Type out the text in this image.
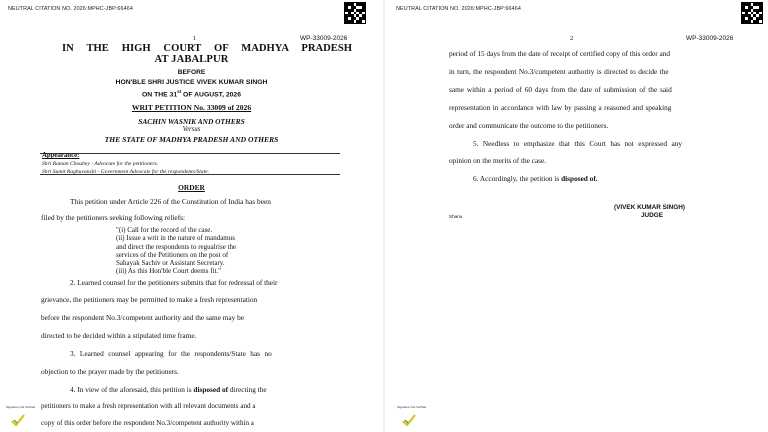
NEUTRAL CITATION NO. 2026:MPHC-JBP:66464
1	WP-33009-2026
IN THE HIGH COURT OF MADHYA PRADESH
AT JABALPUR
BEFORE
HON'BLE SHRI JUSTICE VIVEK KUMAR SINGH
ON THE 31st OF AUGUST, 2026
WRIT PETITION No. 33009 of 2026
SACHIN WASNIK AND OTHERS
Versus
THE STATE OF MADHYA PRADESH AND OTHERS
Appearance:
Shri Raman Choubey - Advocate for the petitioners.
Shri Sumit Raghuvanshi - Government Advocate for the respondents/State.
ORDER
This petition under Article 226 of the Constitution of India has been
filed by the petitioners seeking following reliefs:
"(i) Call for the record of the case.
(ii) Issue a writ in the nature of mandamus
and direct the respondents to regualrise the
services of the Petitioners on the post of
Sahayak Sachiv or Assistant Secretary.
(iii) As this Hon'ble Court deems fit."
2. Learned counsel for the petitioners submits that for redressal of their
grievance, the petitioners may be permitted to make a fresh representation
before the respondent No.3/competent authority and the same may be
directed to be decided within a stipulated time frame.
3. Learned counsel appearing for the respondents/State has no
objection to the prayer made by the petitioners.
4. In view of the aforesaid, this petition is disposed of directing the
petitioners to make a fresh representation with all relevant documents and a
copy of this order before the respondent No.3/competent authority within a
Signature Not Verified
NEUTRAL CITATION NO. 2026:MPHC-JBP:66464
2	WP-33009-2026
period of 15 days from the date of receipt of certified copy of this order and
in turn, the respondent No.3/competent authority is directed to decide the
same within a period of 60 days from the date of submission of the said
representation in accordance with law by passing a reasoned and speaking
order and communicate the outcome to the petitioners.
5. Needless to emphasize that this Court has not expressed any
opinion on the merits of the case.
6. Accordingly, the petition is disposed of.
(VIVEK KUMAR SINGH)
JUDGE
Shanu
Signature Not Verified
